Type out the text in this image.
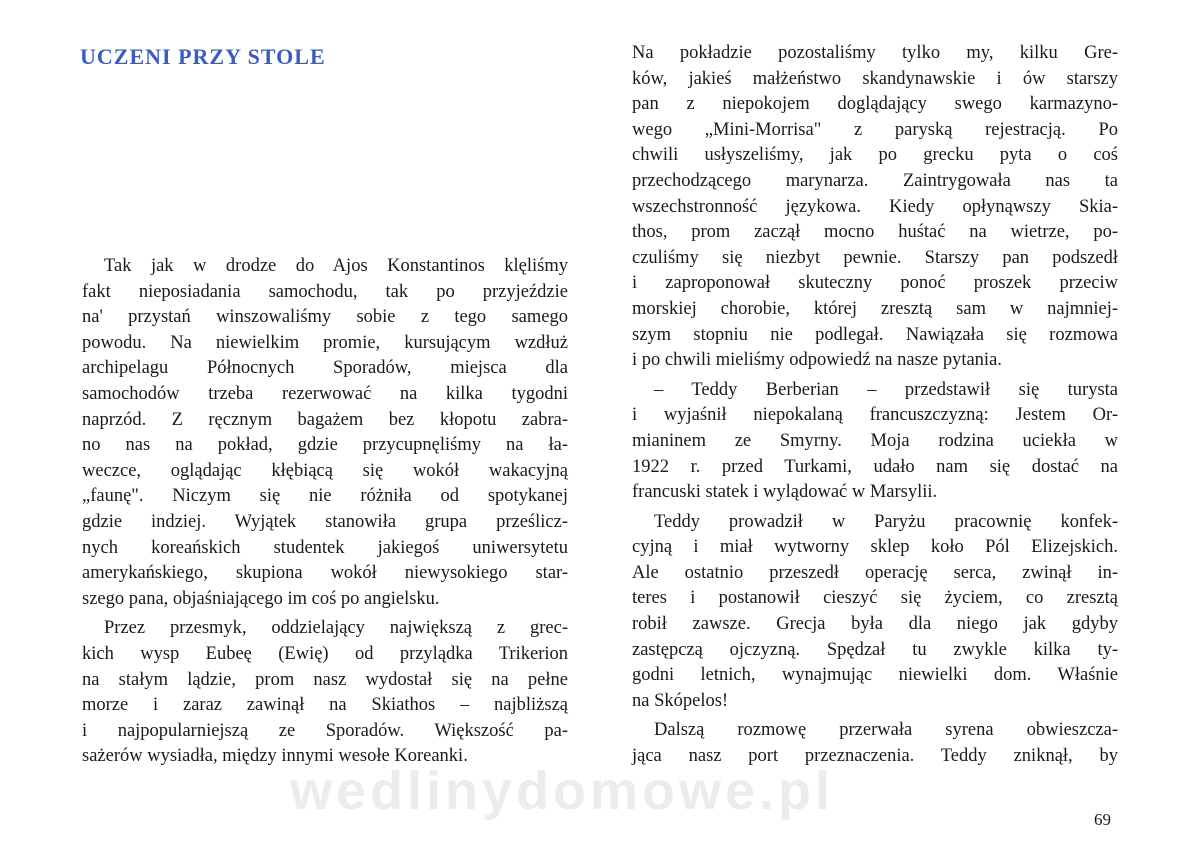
UCZENI PRZY STOLE

Tak jak w drodze do Ajos Konstantinos klęliśmy
fakt nieposiadania samochodu, tak po przyjeździe
na' przystań winszowaliśmy sobie z tego samego
powodu. Na niewielkim promie, kursującym wzdłuż
archipelagu Północnych Sporadów, miejsca dla
samochodów trzeba rezerwować na kilka tygodni
naprzód. Z ręcznym bagażem bez kłopotu zabra-
no nas na pokład, gdzie przycupnęliśmy na ła-
weczce, oglądając kłębiącą się wokół wakacyjną
„faunę". Niczym się nie różniła od spotykanej
gdzie indziej. Wyjątek stanowiła grupa prześlicz-
nych koreańskich studentek jakiegoś uniwersytetu
amerykańskiego, skupiona wokół niewysokiego star-
szego pana, objaśniającego im coś po angielsku.

Przez przesmyk, oddzielający największą z grec-
kich wysp Eubeę (Ewię) od przylądka Trikerion
na stałym lądzie, prom nasz wydostał się na pełne
morze i zaraz zawinął na Skiathos – najbliższą
i najpopularniejszą ze Sporadów. Większość pa-
sażerów wysiadła, między innymi wesołe Koreanki.

Na pokładzie pozostaliśmy tylko my, kilku Gre-
ków, jakieś małżeństwo skandynawskie i ów starszy
pan z niepokojem doglądający swego karmazyno-
wego „Mini-Morrisa" z paryską rejestracją. Po
chwili usłyszeliśmy, jak po grecku pyta o coś
przechodzącego marynarza. Zaintrygowała nas ta
wszechstronność językowa. Kiedy opłynąwszy Skia-
thos, prom zaczął mocno huśtać na wietrze, po-
czuliśmy się niezbyt pewnie. Starszy pan podszedł
i zaproponował skuteczny ponoć proszek przeciw
morskiej chorobie, której zresztą sam w najmniej-
szym stopniu nie podlegał. Nawiązała się rozmowa
i po chwili mieliśmy odpowiedź na nasze pytania.

– Teddy Berberian – przedstawił się turysta
i wyjaśnił niepokalaną francuszczyzną: Jestem Or-
mianinem ze Smyrny. Moja rodzina uciekła w
1922 r. przed Turkami, udało nam się dostać na
francuski statek i wylądować w Marsylii.

Teddy prowadził w Paryżu pracownię konfek-
cyjną i miał wytworny sklep koło Pól Elizejskich.
Ale ostatnio przeszedł operację serca, zwinął in-
teres i postanowił cieszyć się życiem, co zresztą
robił zawsze. Grecja była dla niego jak gdyby
zastępczą ojczyzną. Spędzał tu zwykle kilka ty-
godni letnich, wynajmując niewielki dom. Właśnie
na Skópelos!

Dalszą rozmowę przerwała syrena obwieszcza-
jąca nasz port przeznaczenia. Teddy zniknął, by

wedlinydomowe.pl	69
